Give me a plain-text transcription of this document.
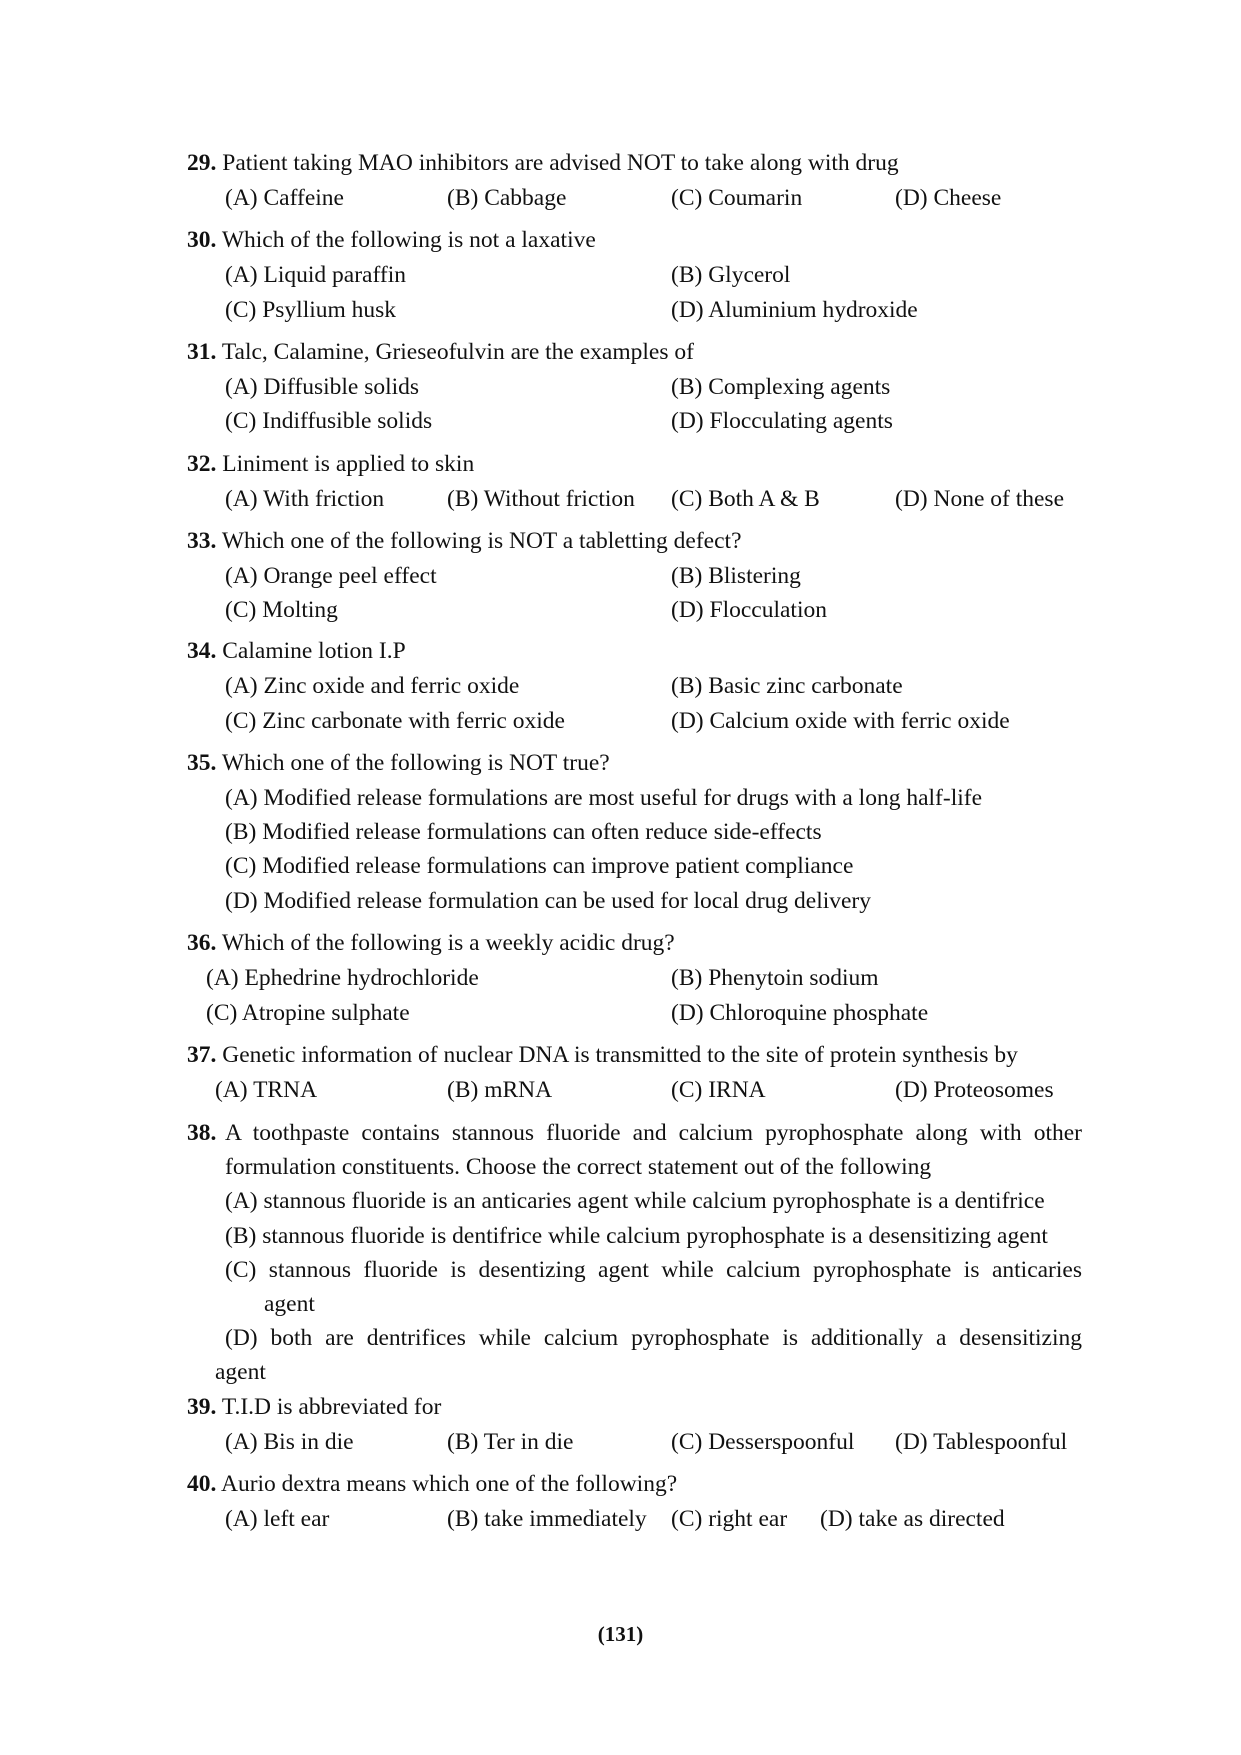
29. Patient taking MAO inhibitors are advised NOT to take along with drug
(A) Caffeine	(B) Cabbage	(C) Coumarin	(D) Cheese
30. Which of the following is not a laxative
(A) Liquid paraffin	(B) Glycerol
(C) Psyllium husk	(D) Aluminium hydroxide
31. Talc, Calamine, Grieseofulvin are the examples of
(A) Diffusible solids	(B) Complexing agents
(C) Indiffusible solids	(D) Flocculating agents
32. Liniment is applied to skin
(A) With friction	(B) Without friction (C) Both A & B	(D) None of these
33. Which one of the following is NOT a tabletting defect?
(A) Orange peel effect	(B) Blistering
(C) Molting	(D) Flocculation
34. Calamine lotion I.P
(A) Zinc oxide and ferric oxide	(B) Basic zinc carbonate
(C) Zinc carbonate with ferric oxide	(D) Calcium oxide with ferric oxide
35. Which one of the following is NOT true?
(A) Modified release formulations are most useful for drugs with a long half-life
(B) Modified release formulations can often reduce side-effects
(C) Modified release formulations can improve patient compliance
(D) Modified release formulation can be used for local drug delivery
36. Which of the following is a weekly acidic drug?
(A) Ephedrine hydrochloride	(B) Phenytoin sodium
(C) Atropine sulphate	(D) Chloroquine phosphate
37. Genetic information of nuclear DNA is transmitted to the site of protein synthesis by
(A) TRNA	(B) mRNA	(C) IRNA	(D) Proteosomes
38. A toothpaste contains stannous fluoride and calcium pyrophosphate along with other
formulation constituents. Choose the correct statement out of the following
(A) stannous fluoride is an anticaries agent while calcium pyrophosphate is a dentifrice
(B) stannous fluoride is dentifrice while calcium pyrophosphate is a desensitizing agent
(C) stannous fluoride is desentizing agent while calcium pyrophosphate is anticaries
agent
(D) both are dentrifices while calcium pyrophosphate is additionally a desensitizing
agent
39. T.I.D is abbreviated for
(A) Bis in die	(B) Ter in die	(C) Desserspoonful (D) Tablespoonful
40. Aurio dextra means which one of the following?
(A) left ear	(B) take immediately (C) right ear (D) take as directed
(131)
